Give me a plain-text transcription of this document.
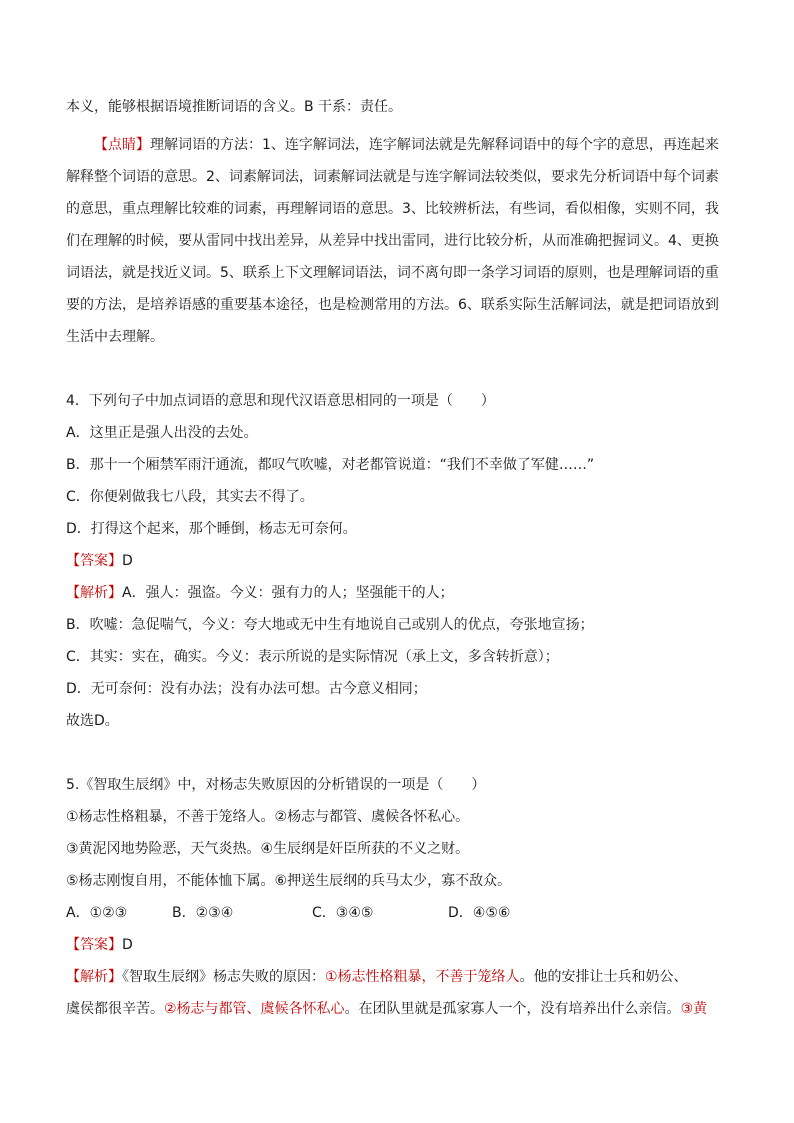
本义，能够根据语境推断词语的含义。B 干系：责任。
【点睛】理解词语的方法：1、连字解词法，连字解词法就是先解释词语中的每个字的意思，再连起来
解释整个词语的意思。2、词素解词法，词素解词法就是与连字解词法较类似，要求先分析词语中每个词素
的意思，重点理解比较难的词素，再理解词语的意思。3、比较辨析法，有些词，看似相像，实则不同，我
们在理解的时候，要从雷同中找出差异，从差异中找出雷同，进行比较分析，从而准确把握词义。4、更换
词语法，就是找近义词。5、联系上下文理解词语法，词不离句即一条学习词语的原则，也是理解词语的重
要的方法，是培养语感的重要基本途径，也是检测常用的方法。6、联系实际生活解词法，就是把词语放到
生活中去理解。
4．下列句子中加点词语的意思和现代汉语意思相同的一项是（　　）
A．这里正是强人出没的去处。
B．那十一个厢禁军雨汗通流，都叹气吹嘘，对老都管说道：“我们不幸做了军健……”
C．你便剁做我七八段，其实去不得了。
D．打得这个起来，那个睡倒，杨志无可奈何。
【答案】D
【解析】A．强人：强盗。今义：强有力的人；坚强能干的人；
B．吹嘘：急促喘气，今义：夸大地或无中生有地说自己或别人的优点，夸张地宣扬；
C．其实：实在，确实。今义：表示所说的是实际情况（承上文，多含转折意）；
D．无可奈何：没有办法；没有办法可想。古今意义相同；
故选D。
5.《智取生辰纲》中，对杨志失败原因的分析错误的一项是（　　）
①杨志性格粗暴，不善于笼络人。②杨志与都管、虞候各怀私心。
③黄泥冈地势险恶，天气炎热。④生辰纲是奸臣所获的不义之财。
⑤杨志刚愎自用，不能体恤下属。⑥押送生辰纲的兵马太少，寡不敌众。
A．①②③	B．②③④	C．③④⑤	D．④⑤⑥
【答案】D
【解析】《智取生辰纲》杨志失败的原因：①杨志性格粗暴，不善于笼络人。他的安排让士兵和奶公、
虞侯都很辛苦。②杨志与都管、虞候各怀私心。在团队里就是孤家寡人一个，没有培养出什么亲信。③黄
